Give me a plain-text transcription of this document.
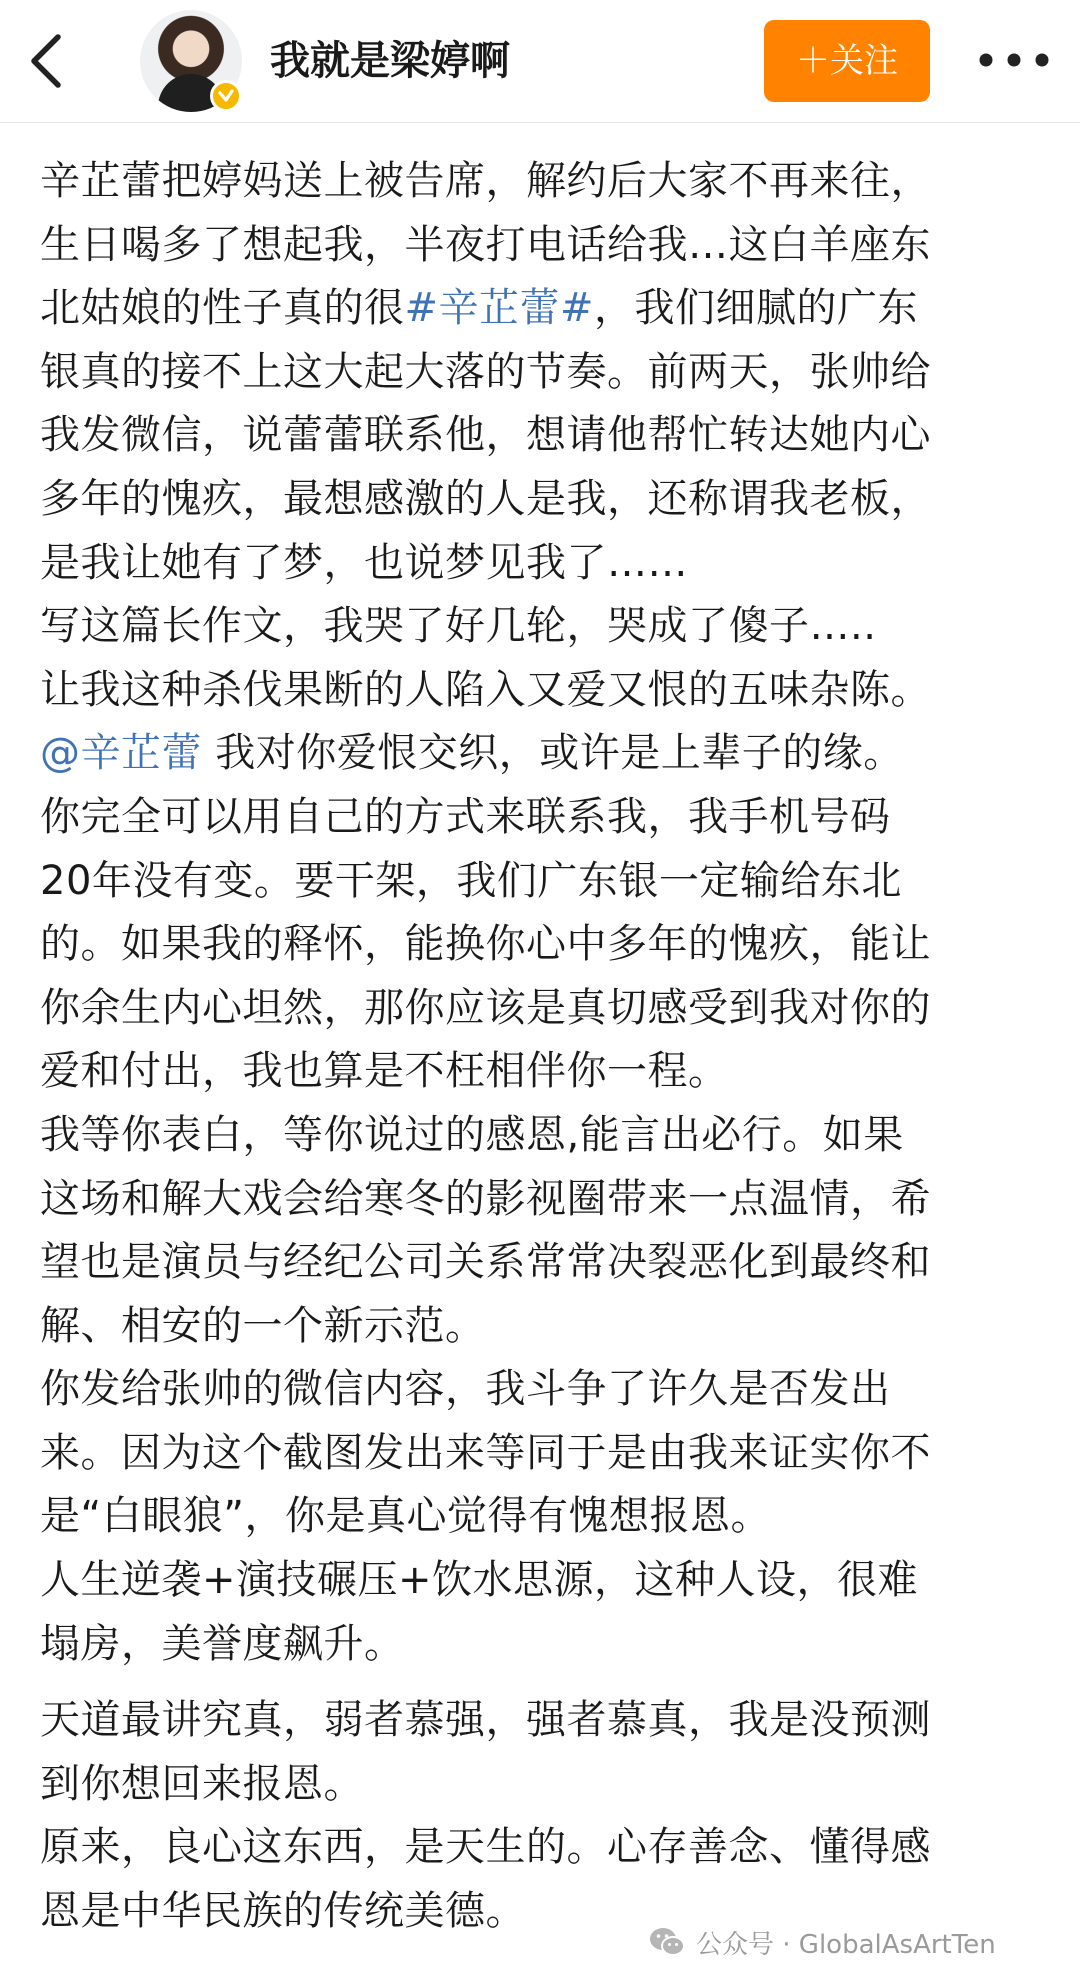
我就是梁婷啊	＋关注

辛芷蕾把婷妈送上被告席，解约后大家不再来往，

生日喝多了想起我，半夜打电话给我…这白羊座东

北姑娘的性子真的很#辛芷蕾#，我们细腻的广东

银真的接不上这大起大落的节奏。前两天，张帅给

我发微信，说蕾蕾联系他，想请他帮忙转达她内心

多年的愧疚，最想感激的人是我，还称谓我老板，

是我让她有了梦，也说梦见我了……

写这篇长作文，我哭了好几轮，哭成了傻子…..

让我这种杀伐果断的人陷入又爱又恨的五味杂陈。

@辛芷蕾 我对你爱恨交织，或许是上辈子的缘。

你完全可以用自己的方式来联系我，我手机号码

20年没有变。要干架，我们广东银一定输给东北

的。如果我的释怀，能换你心中多年的愧疚，能让

你余生内心坦然，那你应该是真切感受到我对你的

爱和付出，我也算是不枉相伴你一程。

我等你表白，等你说过的感恩,能言出必行。如果

这场和解大戏会给寒冬的影视圈带来一点温情，希

望也是演员与经纪公司关系常常决裂恶化到最终和

解、相安的一个新示范。

你发给张帅的微信内容，我斗争了许久是否发出

来。因为这个截图发出来等同于是由我来证实你不

是“白眼狼”，你是真心觉得有愧想报恩。

人生逆袭+演技碾压+饮水思源，这种人设，很难

塌房，美誉度飙升。

天道最讲究真，弱者慕强，强者慕真，我是没预测

到你想回来报恩。

原来，良心这东西，是天生的。心存善念、懂得感

恩是中华民族的传统美德。

公众号 · GlobalAsArtTen
